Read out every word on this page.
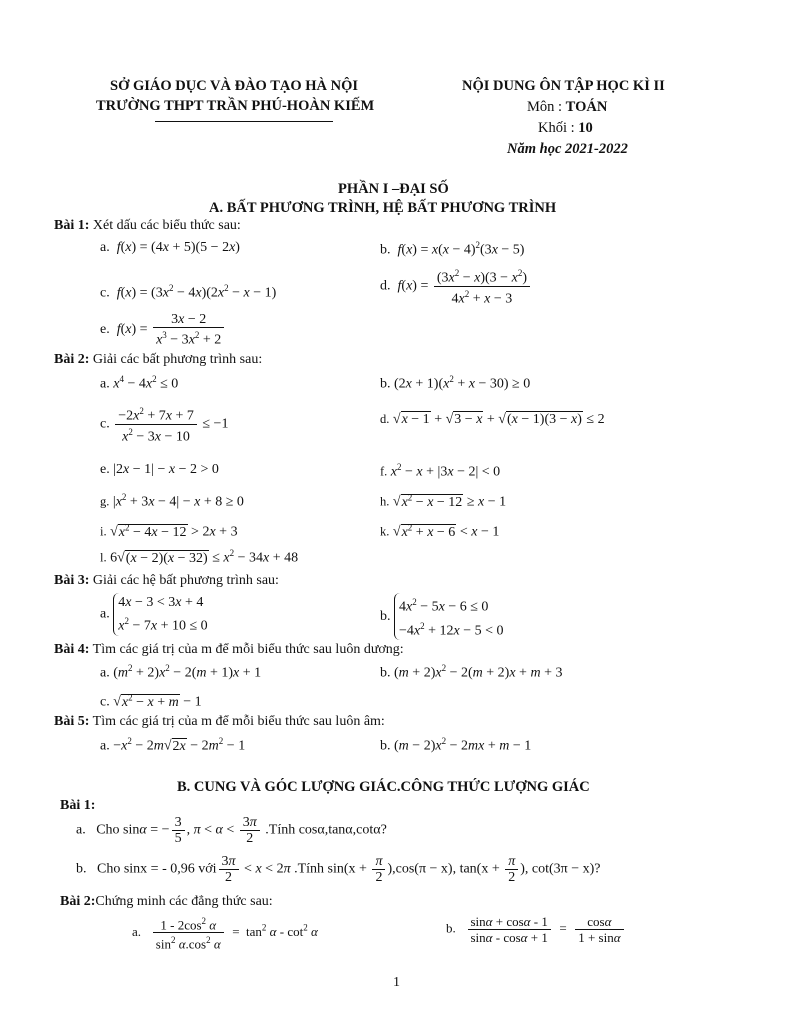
SỞ GIÁO DỤC VÀ ĐÀO TẠO HÀ NỘI
TRƯỜNG THPT TRẦN PHÚ-HOÀN KIẾM
NỘI DUNG ÔN TẬP HỌC KÌ II
Môn : TOÁN
Khối : 10
Năm học 2021-2022
PHẦN I –ĐẠI SỐ
A. BẤT PHƯƠNG TRÌNH, HỆ BẤT PHƯƠNG TRÌNH
Bài 1: Xét dấu các biểu thức sau:
a.  f(x) = (4x + 5)(5 − 2x)	b.  $f(x) = x(x - 4)^2(3x - 5)$
c.  $f(x) = (3x^2 - 4x)(2x^2 - x - 1)$	d.  $f(x) = \frac{(3x^2 - x)(3 - x^2)}{4x^2 + x - 3}$
e.  $f(x) = \frac{3x - 2}{x^3 - 3x^2 + 2}$
Bài 2: Giải các bất phương trình sau:
a. $x^4 - 4x^2 \le 0$	b. $(2x + 1)(x^2 + x - 30) \ge 0$
c. $\frac{-2x^2 + 7x + 7}{x^2 - 3x - 10} \le -1$	d. √x − 1 + √3 − x + √(x − 1)(3 − x) ≤ 2
e. |2x − 1| − x − 2 > 0	f. $x^2 - x + |3x - 2| < 0$
g. $|x^2 + 3x - 4| - x + 8 \ge 0$	h. $√x^2 - x - 12 \ge x - 1$
i. $√x^2 - 4x - 12 > 2x + 3$	k. $√x^2 + x - 6 < x - 1$
l. $6√(x - 2)(x - 32) \le x^2 - 34x + 48$
Bài 3: Giải các hệ bất phương trình sau:
a. 4x − 3 < 3x + 4
$x^2 - 7x + 10 \le 0$
b. $4x^2 - 5x - 6 \le 0$
$-4x^2 + 12x - 5 < 0$
Bài 4: Tìm các giá trị của m để mỗi biểu thức sau luôn dương:
a. $(m^2 + 2)x^2 - 2(m + 1)x + 1$	b. $(m + 2)x^2 - 2(m + 2)x + m + 3$
c. $√x^2 - x + m - 1$
Bài 5: Tìm các giá trị của m để mỗi biểu thức sau luôn âm:
a. $-x^2 - 2m√2x - 2m^2 - 1$	b. $(m - 2)x^2 - 2mx + m - 1$
B. CUNG VÀ GÓC LƯỢNG GIÁC.CÔNG THỨC LƯỢNG GIÁC
Bài 1:
a. Cho sinα = − $\frac{3}{5}$ , $\pi < \alpha < \frac{3\pi}{2}$ .Tính cosα,tanα,cotα?
b. Cho sinx = - 0,96 với $\frac{3\pi}{2} < x < 2\pi$ .Tính $\sin(x + \frac{\pi}{2} ),\cos(\pi - x)$, $\tan(x + \frac{\pi}{2}$ ), cot(3π − x)?
Bài 2:Chứng minh các đẳng thức sau:
a. $\frac{1 - 2\cos^2 \alpha}{\sin^2 \alpha.\cos^2 \alpha} = \tan^2 \alpha - \cot^2 \alpha$	b. $\frac{\sin\alpha + \cos\alpha - 1}{\sin\alpha - \cos\alpha + 1} = \frac{\cos\alpha}{1 + \sin\alpha}$
1
